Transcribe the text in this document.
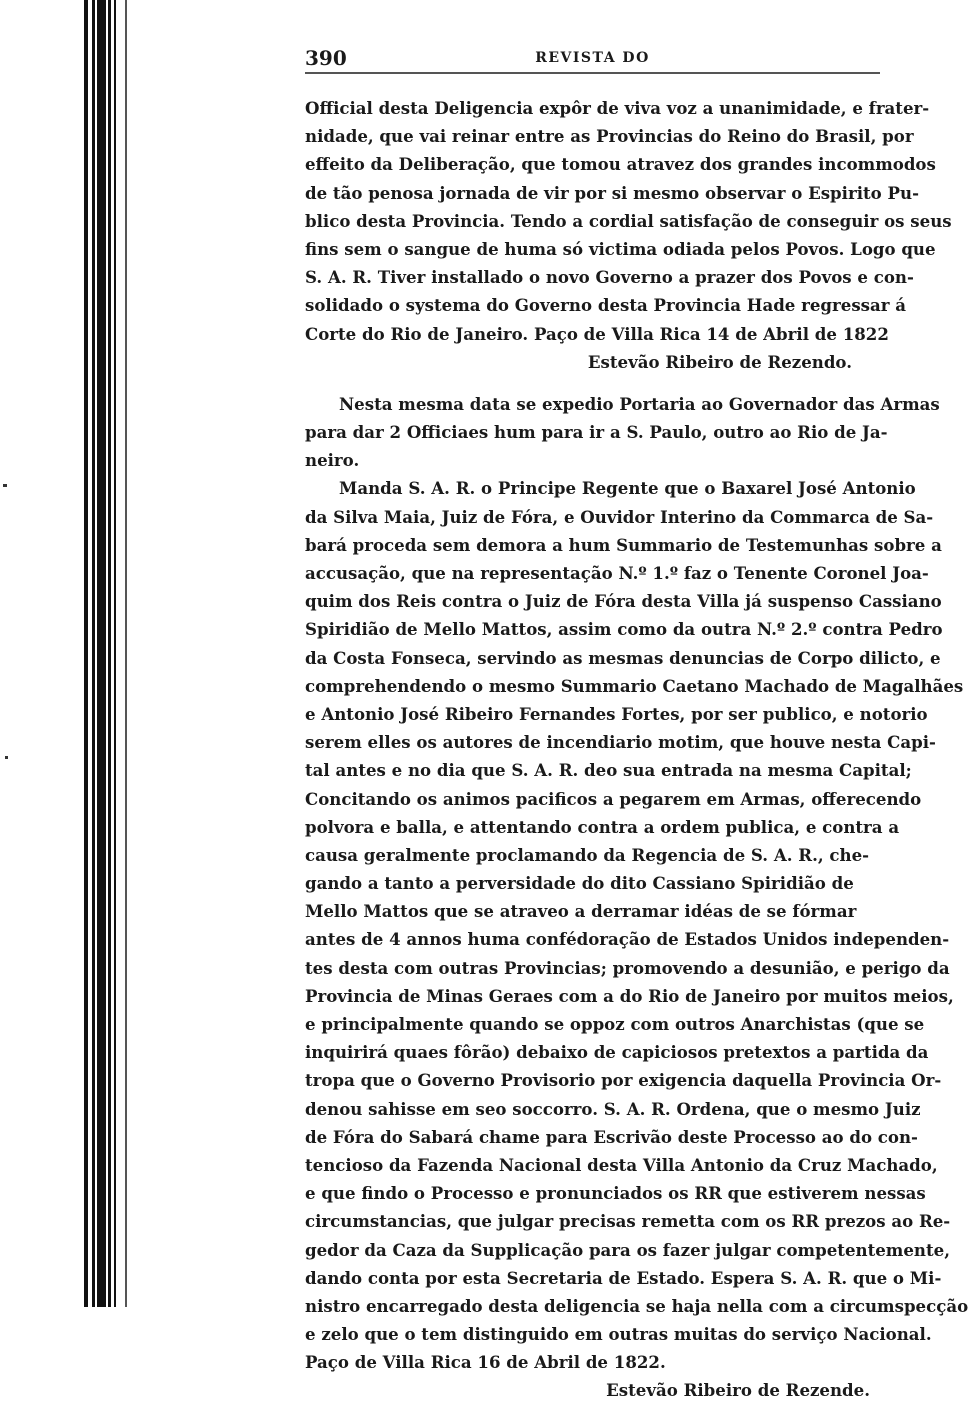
390	REVISTA DO
Official desta Deligencia expôr de viva voz a unanimidade, e frater-
nidade, que vai reinar entre as Provincias do Reino do Brasil, por
effeito da Deliberação, que tomou atravez dos grandes incommodos
de tão penosa jornada de vir por si mesmo observar o Espirito Pu-
blico desta Provincia. Tendo a cordial satisfação de conseguir os seus
fins sem o sangue de huma só victima odiada pelos Povos. Logo que
S. A. R. Tiver installado o novo Governo a prazer dos Povos e con-
solidado o systema do Governo desta Provincia Hade regressar á
Corte do Rio de Janeiro. Paço de Villa Rica 14 de Abril de 1822
Estevão Ribeiro de Rezendo.
Nesta mesma data se expedio Portaria ao Governador das Armas
para dar 2 Officiaes hum para ir a S. Paulo, outro ao Rio de Ja-
neiro.
Manda S. A. R. o Principe Regente que o Baxarel José Antonio
da Silva Maia, Juiz de Fóra, e Ouvidor Interino da Commarca de Sa-
bará proceda sem demora a hum Summario de Testemunhas sobre a
accusação, que na representação N.º 1.º faz o Tenente Coronel Joa-
quim dos Reis contra o Juiz de Fóra desta Villa já suspenso Cassiano
Spiridião de Mello Mattos, assim como da outra N.º 2.º contra Pedro
da Costa Fonseca, servindo as mesmas denuncias de Corpo dilicto, e
comprehendendo o mesmo Summario Caetano Machado de Magalhães
e Antonio José Ribeiro Fernandes Fortes, por ser publico, e notorio
serem elles os autores de incendiario motim, que houve nesta Capi-
tal antes e no dia que S. A. R. deo sua entrada na mesma Capital;
Concitando os animos pacificos a pegarem em Armas, offerecendo
polvora e balla, e attentando contra a ordem publica, e contra a
causa geralmente proclamando da Regencia de S. A. R., che-
gando a tanto a perversidade do dito Cassiano Spiridião de
Mello Mattos que se atraveo a derramar idéas de se fórmar
antes de 4 annos huma confédoração de Estados Unidos independen-
tes desta com outras Provincias; promovendo a desunião, e perigo da
Provincia de Minas Geraes com a do Rio de Janeiro por muitos meios,
e principalmente quando se oppoz com outros Anarchistas (que se
inquirirá quaes fôrão) debaixo de capiciosos pretextos a partida da
tropa que o Governo Provisorio por exigencia daquella Provincia Or-
denou sahisse em seo soccorro. S. A. R. Ordena, que o mesmo Juiz
de Fóra do Sabará chame para Escrivão deste Processo ao do con-
tencioso da Fazenda Nacional desta Villa Antonio da Cruz Machado,
e que findo o Processo e pronunciados os RR que estiverem nessas
circumstancias, que julgar precisas remetta com os RR prezos ao Re-
gedor da Caza da Supplicação para os fazer julgar competentemente,
dando conta por esta Secretaria de Estado. Espera S. A. R. que o Mi-
nistro encarregado desta deligencia se haja nella com a circumspecção
e zelo que o tem distinguido em outras muitas do serviço Nacional.
Paço de Villa Rica 16 de Abril de 1822.
Estevão Ribeiro de Rezende.
